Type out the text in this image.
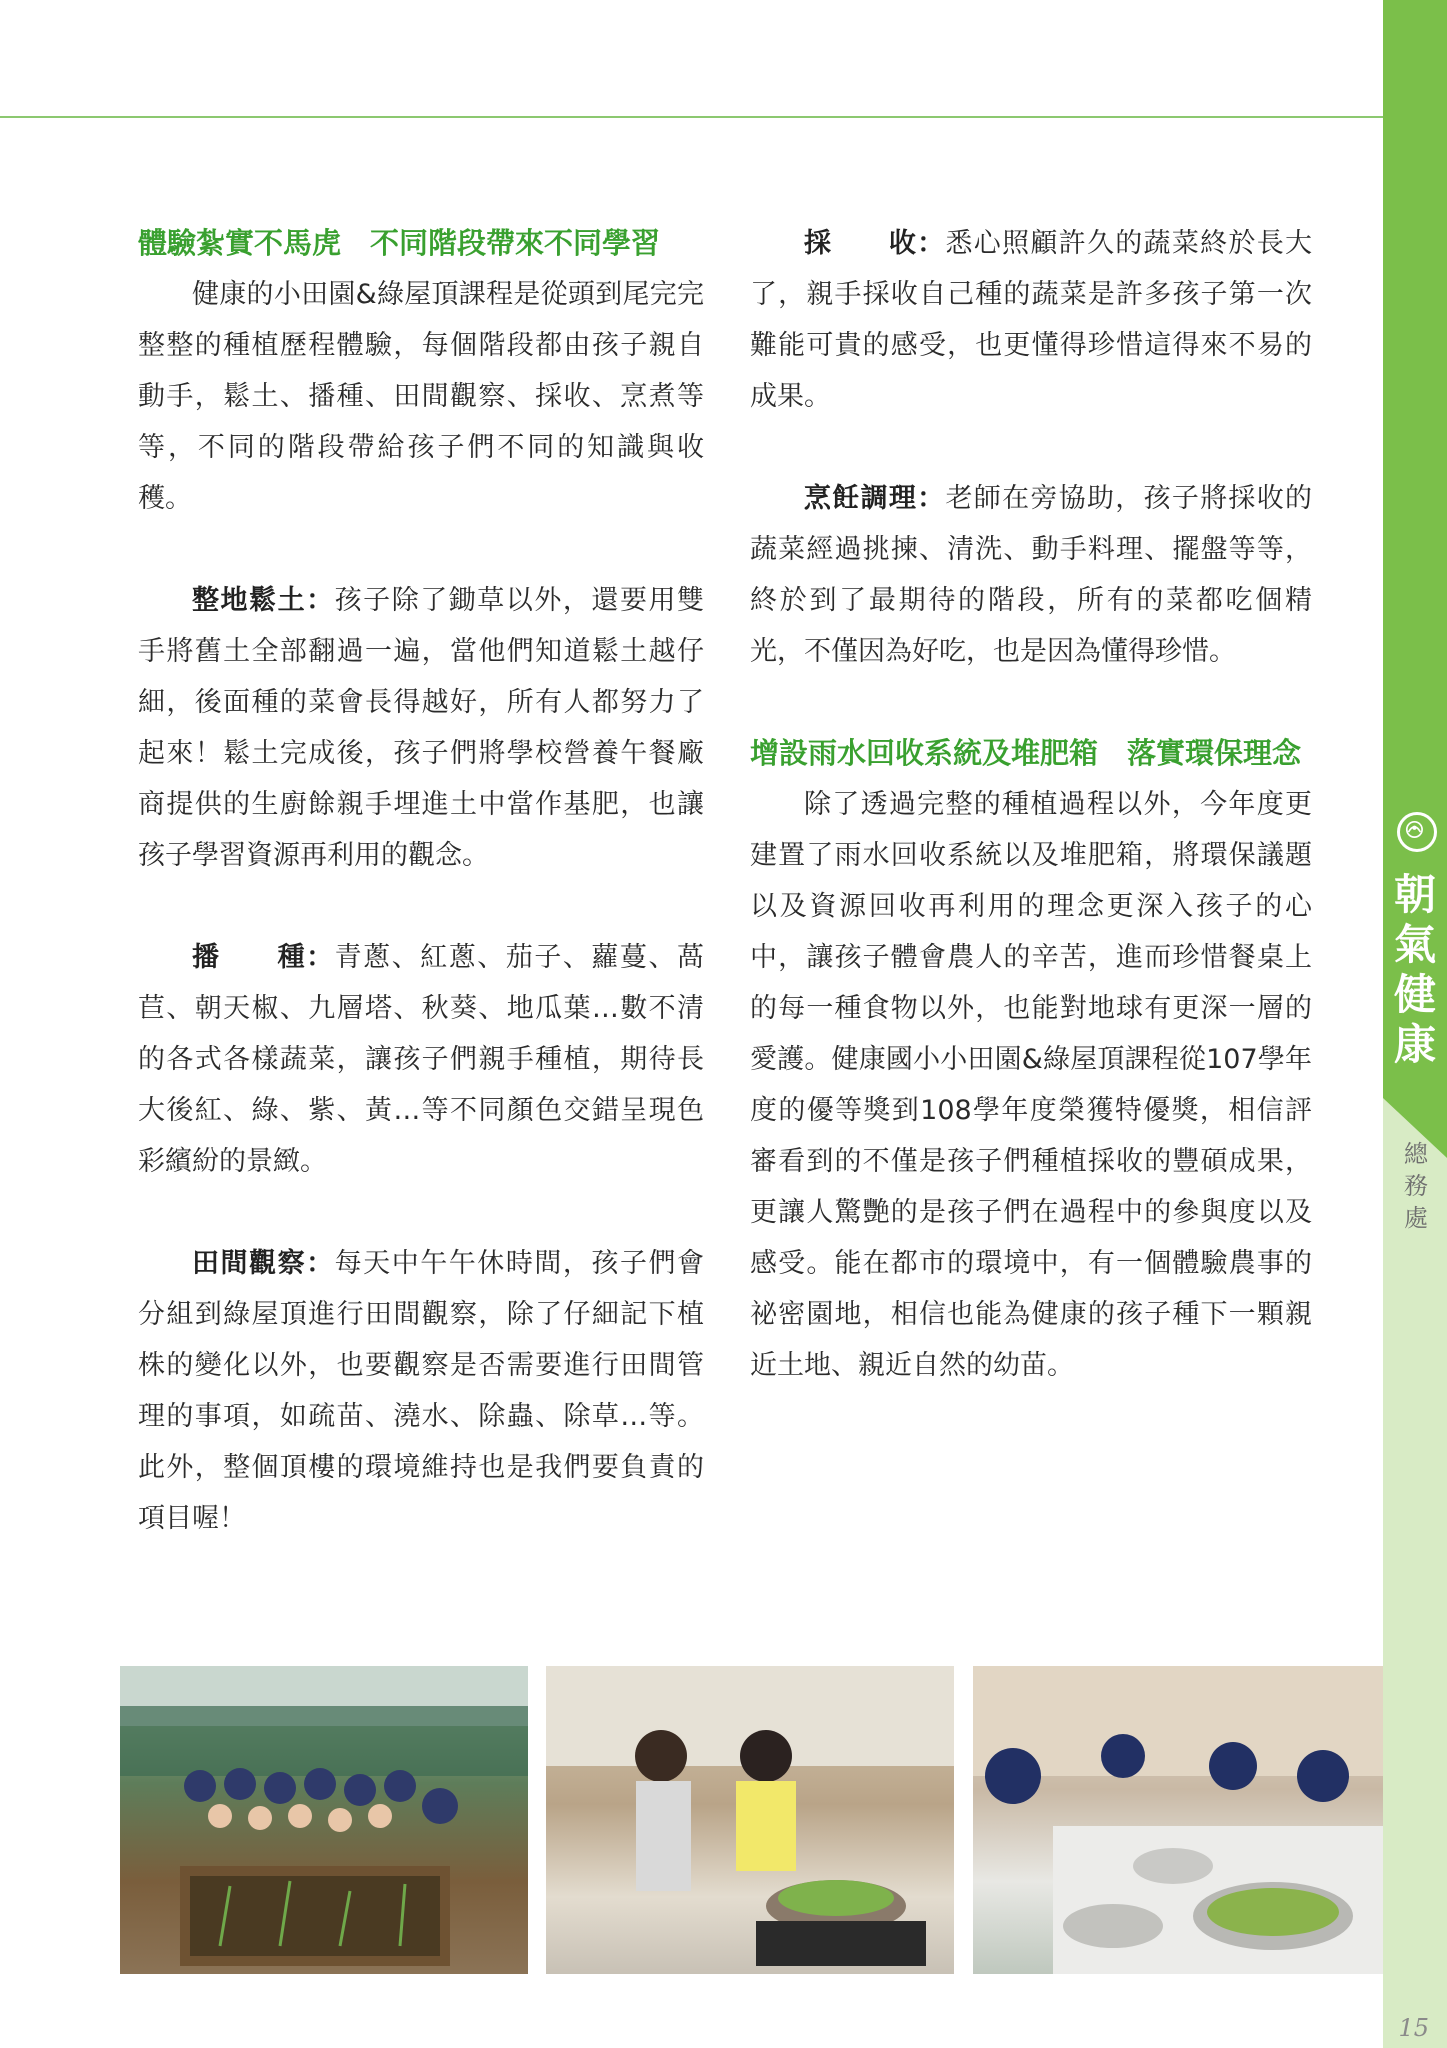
朝
氣
健
康
總
務
處

體驗紮實不馬虎　不同階段帶來不同學習

健康的小田園&綠屋頂課程是從頭到尾完完整整的種植歷程體驗，每個階段都由孩子親自動手，鬆土、播種、田間觀察、採收、烹煮等等，不同的階段帶給孩子們不同的知識與收穫。

整地鬆土：孩子除了鋤草以外，還要用雙手將舊土全部翻過一遍，當他們知道鬆土越仔細，後面種的菜會長得越好，所有人都努力了起來！鬆土完成後，孩子們將學校營養午餐廠商提供的生廚餘親手埋進土中當作基肥，也讓孩子學習資源再利用的觀念。

播　　種：青蔥、紅蔥、茄子、蘿蔓、萵苣、朝天椒、九層塔、秋葵、地瓜葉…數不清的各式各樣蔬菜，讓孩子們親手種植，期待長大後紅、綠、紫、黃…等不同顏色交錯呈現色彩繽紛的景緻。

田間觀察：每天中午午休時間，孩子們會分組到綠屋頂進行田間觀察，除了仔細記下植株的變化以外，也要觀察是否需要進行田間管理的事項，如疏苗、澆水、除蟲、除草…等。此外，整個頂樓的環境維持也是我們要負責的項目喔！

採　　收：悉心照顧許久的蔬菜終於長大了，親手採收自己種的蔬菜是許多孩子第一次難能可貴的感受，也更懂得珍惜這得來不易的成果。

烹飪調理：老師在旁協助，孩子將採收的蔬菜經過挑揀、清洗、動手料理、擺盤等等，終於到了最期待的階段，所有的菜都吃個精光，不僅因為好吃，也是因為懂得珍惜。

增設雨水回收系統及堆肥箱　落實環保理念

除了透過完整的種植過程以外，今年度更建置了雨水回收系統以及堆肥箱，將環保議題以及資源回收再利用的理念更深入孩子的心中，讓孩子體會農人的辛苦，進而珍惜餐桌上的每一種食物以外，也能對地球有更深一層的愛護。健康國小小田園&綠屋頂課程從107學年度的優等獎到108學年度榮獲特優獎，相信評審看到的不僅是孩子們種植採收的豐碩成果，更讓人驚艷的是孩子們在過程中的參與度以及感受。能在都市的環境中，有一個體驗農事的祕密園地，相信也能為健康的孩子種下一顆親近土地、親近自然的幼苗。

15
